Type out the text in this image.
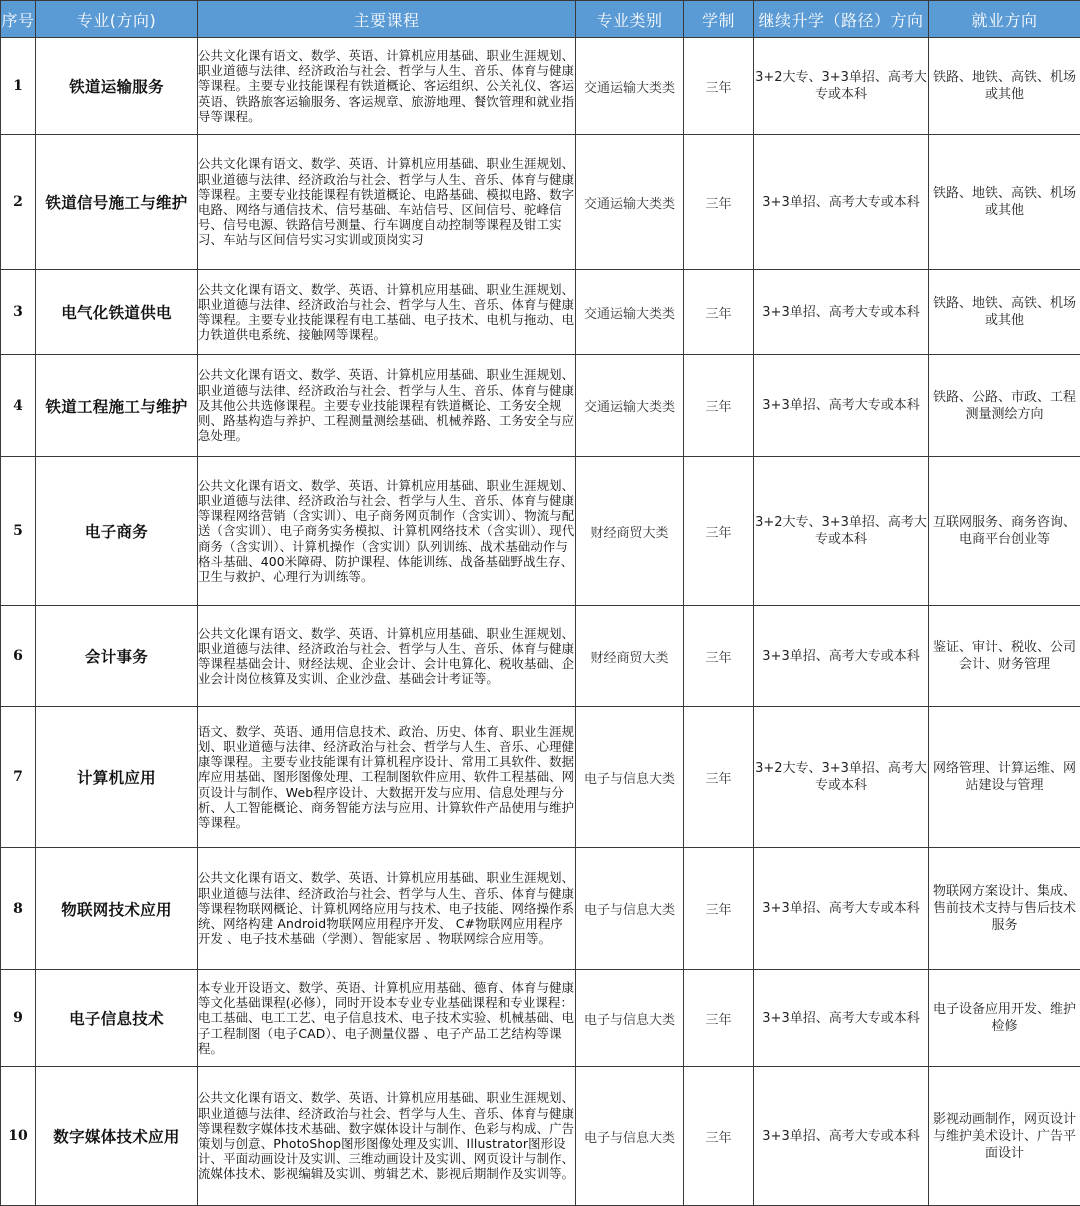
序号	专业(方向)	主要课程	专业类别	学制	继续升学（路径）方向	就业方向
1	铁道运输服务	公共文化课有语文、数学、英语、计算机应用基础、职业生涯规划、职业道德与法律、经济政治与社会、哲学与人生、音乐、体育与健康等课程。主要专业技能课程有铁道概论、客运组织、公关礼仪、客运英语、铁路旅客运输服务、客运规章、旅游地理、餐饮管理和就业指导等课程。	交通运输大类类	三年	3+2大专、3+3单招、高考大专或本科	铁路、地铁、高铁、机场或其他
2	铁道信号施工与维护	公共文化课有语文、数学、英语、计算机应用基础、职业生涯规划、职业道德与法律、经济政治与社会、哲学与人生、音乐、体育与健康等课程。主要专业技能课程有铁道概论、电路基础、模拟电路、数字电路、网络与通信技术、信号基础、车站信号、区间信号、驼峰信号、信号电源、铁路信号测量、行车调度自动控制等课程及钳工实习、车站与区间信号实习实训或顶岗实习	交通运输大类类	三年	3+3单招、高考大专或本科	铁路、地铁、高铁、机场或其他
3	电气化铁道供电	公共文化课有语文、数学、英语、计算机应用基础、职业生涯规划、职业道德与法律、经济政治与社会、哲学与人生、音乐、体育与健康等课程。主要专业技能课程有电工基础、电子技术、电机与拖动、电力铁道供电系统、接触网等课程。	交通运输大类类	三年	3+3单招、高考大专或本科	铁路、地铁、高铁、机场或其他
4	铁道工程施工与维护	公共文化课有语文、数学、英语、计算机应用基础、职业生涯规划、职业道德与法律、经济政治与社会、哲学与人生、音乐、体育与健康及其他公共选修课程。主要专业技能课程有铁道概论、工务安全规则、路基构造与养护、工程测量测绘基础、机械养路、工务安全与应急处理。	交通运输大类类	三年	3+3单招、高考大专或本科	铁路、公路、市政、工程测量测绘方向
5	电子商务	公共文化课有语文、数学、英语、计算机应用基础、职业生涯规划、职业道德与法律、经济政治与社会、哲学与人生、音乐、体育与健康等课程网络营销（含实训）、电子商务网页制作（含实训）、物流与配送（含实训）、电子商务实务模拟、计算机网络技术（含实训）、现代商务（含实训）、计算机操作（含实训）队列训练、战术基础动作与格斗基础、400米障碍、防护课程、体能训练、战备基础野战生存、卫生与救护、心理行为训练等。	财经商贸大类	三年	3+2大专、3+3单招、高考大专或本科	互联网服务、商务咨询、电商平台创业等
6	会计事务	公共文化课有语文、数学、英语、计算机应用基础、职业生涯规划、职业道德与法律、经济政治与社会、哲学与人生、音乐、体育与健康等课程基础会计、财经法规、企业会计、会计电算化、税收基础、企业会计岗位核算及实训、企业沙盘、基础会计考证等。	财经商贸大类	三年	3+3单招、高考大专或本科	鉴证、审计、税收、公司会计、财务管理
7	计算机应用	语文、数学、英语、通用信息技术、政治、历史、体育、职业生涯规划、职业道德与法律、经济政治与社会、哲学与人生、音乐、心理健康等课程。主要专业技能课有计算机程序设计、常用工具软件、数据库应用基础、图形图像处理、工程制图软件应用、软件工程基础、网页设计与制作、Web程序设计、大数据开发与应用、信息处理与分析、人工智能概论、商务智能方法与应用、计算软件产品使用与维护等课程。	电子与信息大类	三年	3+2大专、3+3单招、高考大专或本科	网络管理、计算运维、网站建设与管理
8	物联网技术应用	公共文化课有语文、数学、英语、计算机应用基础、职业生涯规划、职业道德与法律、经济政治与社会、哲学与人生、音乐、体育与健康等课程物联网概论、计算机网络应用与技术、电子技能、网络操作系统、网络构建 Android物联网应用程序开发、 C#物联网应用程序开发 、电子技术基础（学测）、智能家居 、物联网综合应用等。	电子与信息大类	三年	3+3单招、高考大专或本科	物联网方案设计、集成、售前技术支持与售后技术服务
9	电子信息技术	本专业开设语文、数学、英语、计算机应用基础、德育、体育与健康等文化基础课程(必修），同时开设本专业专业基础课程和专业课程：电工基础、电工工艺、电子信息技术、电子技术实验、机械基础、电子工程制图（电子CAD）、电子测量仪器 、电子产品工艺结构等课程。	电子与信息大类	三年	3+3单招、高考大专或本科	电子设备应用开发、维护检修
10	数字媒体技术应用	公共文化课有语文、数学、英语、计算机应用基础、职业生涯规划、职业道德与法律、经济政治与社会、哲学与人生、音乐、体育与健康等课程数字媒体技术基础、数字媒体设计与制作、色彩与构成、广告策划与创意、PhotoShop图形图像处理及实训、Illustrator图形设计、平面动画设计及实训、三维动画设计及实训、网页设计与制作、流媒体技术、影视编辑及实训、剪辑艺术、影视后期制作及实训等。	电子与信息大类	三年	3+3单招、高考大专或本科	影视动画制作，网页设计与维护美术设计、广告平面设计
